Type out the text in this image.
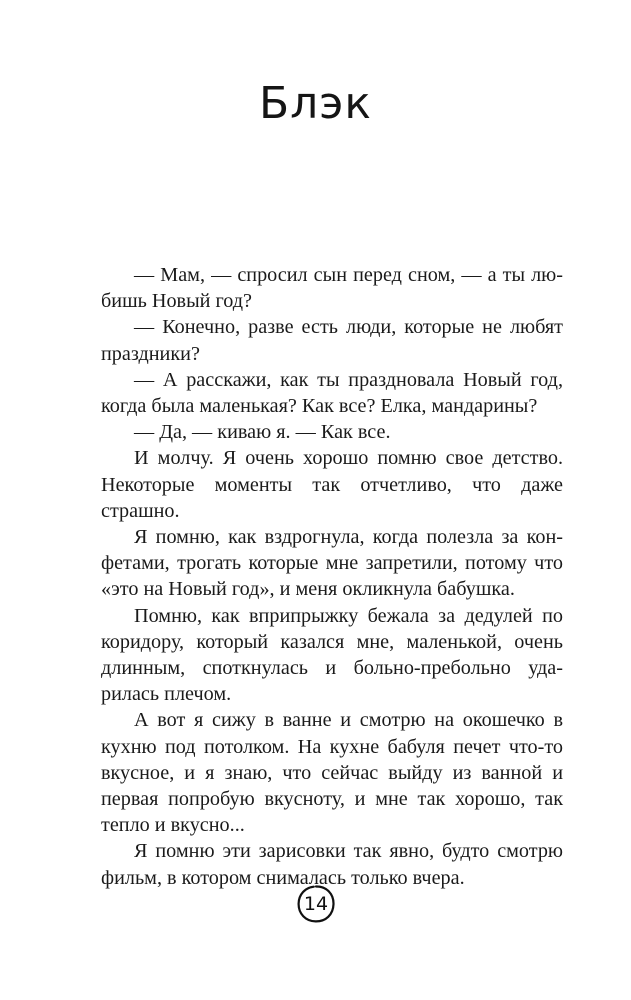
Блэк

— Мам, — спросил сын перед сном, — а ты любишь Новый год?

— Конечно, разве есть люди, которые не любят праздники?

— А расскажи, как ты праздновала Новый год, когда была маленькая? Как все? Елка, мандарины?

— Да, — киваю я. — Как все.

И молчу. Я очень хорошо помню свое детство. Некоторые моменты так отчетливо, что даже страшно.

Я помню, как вздрогнула, когда полезла за конфетами, трогать которые мне запретили, потому что «это на Новый год», и меня окликнула бабушка.

Помню, как вприпрыжку бежала за дедулей по коридору, который казался мне, маленькой, очень длинным, споткнулась и больно-пребольно ударилась плечом.

А вот я сижу в ванне и смотрю на окошечко в кухню под потолком. На кухне бабуля печет что-то вкусное, и я знаю, что сейчас выйду из ванной и первая попробую вкусноту, и мне так хорошо, так тепло и вкусно...

Я помню эти зарисовки так явно, будто смотрю фильм, в котором снималась только вчера.

14
